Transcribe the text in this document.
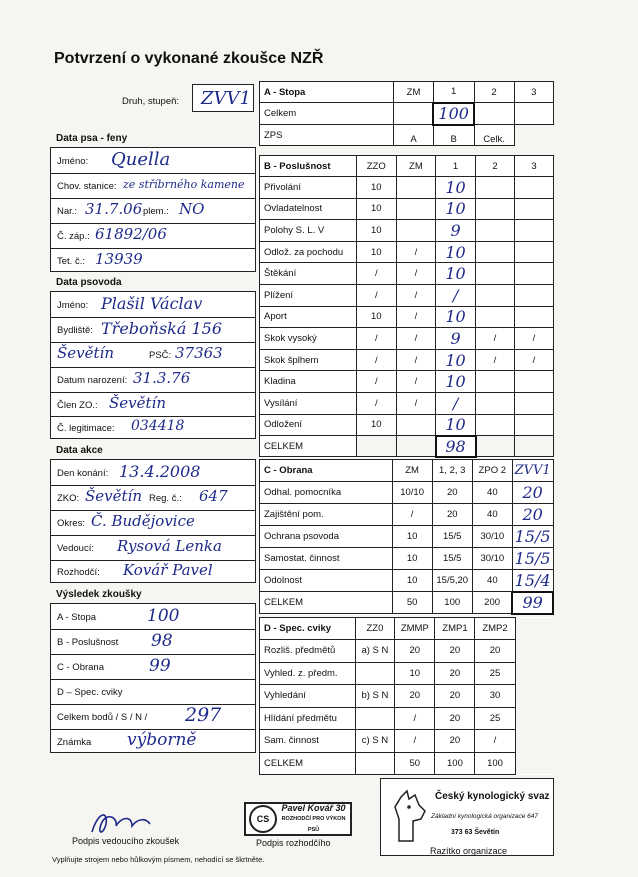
Potvrzení o vykonané zkoušce NZŘ
Druh, stupeň: ZVV1
Data psa - feny
Jméno: Quella
Chov. stanice: ze stříbrného kamene
Nar.: 31.7.06 plem.: NO
Č. záp.: 61892/06
Tet. č.: 13939
Data psovoda
Jméno: Plašil Václav
Bydliště: Třeboňská 156
Ševětín	PSČ: 37363
Datum narození: 31.3.76
Člen ZO.: Ševětín
Č. legitimace: 034418
Data akce
Den konání: 13.4.2008
ZKO: Ševětín Reg. č.: 647
Okres: Č. Budějovice
Vedoucí: Rysová Lenka
Rozhodčí: Kovář Pavel
Výsledek zkoušky
A - Stopa	100
B - Poslušnost 98
C - Obrana	99
D – Spec. cviky
Celkem bodů / S / N / 297
Známka výborně
A - Stopa	ZM	1	2	3
Celkem		100		
ZPS	A	B	Celk.	
B - Poslušnost	ZZO	ZM	1	2	3
Přivolání	10		10		
Ovladatelnost	10		10		
Polohy S. L. V	10		9		
Odlož. za pochodu	10	/	10		
Štěkání	/	/	10		
Plížení	/	/	/		
Aport	10	/	10		
Skok vysoký	/	/	9	/	/
Skok šplhem	/	/	10	/	/
Kladina	/	/	10		
Vysílání	/	/	/		
Odložení	10		10		
CELKEM			98		
C - Obrana	ZM	1, 2, 3	ZPO 2	ZVV1
Odhal. pomocníka	10/10	20	40	20
Zajištění pom.	/	20	40	20
Ochrana psovoda	10	15/5	30/10	15/5
Samostat. činnost	10	15/5	30/10	15/5
Odolnost	10	15/5,20	40	15/4
CELKEM	50	100	200	99
D - Spec. cviky	ZZ0	ZMMP	ZMP1	ZMP2	
Rozliš. předmětů	a) S N	20	20	20	
Vyhled. z. předm.		10	20	25	
Vyhledání	b) S N	20	20	30	
Hlídání předmětu		/	20	25	
Sam. činnost	c) S N	/	20	/	
CELKEM		50	100	100	
Podpis vedoucího zkoušek
CS
Pavel Kovář 30
ROZHODČÍ PRO VÝKON PSŮ
Podpis rozhodčího
Český kynologický svaz
Základní kynologická organizace 647
373 63 Ševětín
Razítko organizace
Vyplňujte strojem nebo hůlkovým písmem, nehodící se škrtněte.
